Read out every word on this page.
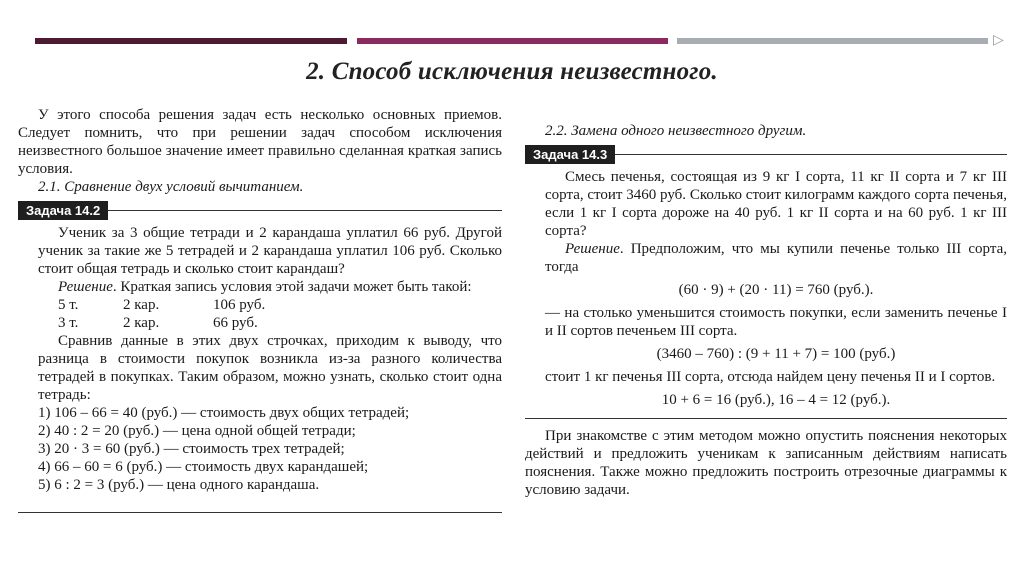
▷
2. Способ исключения неизвестного.

У этого способа решения задач есть несколько основных приемов. Следует помнить, что при решении задач способом исключения неизвестного большое значение имеет правильно сделанная краткая запись условия.

2.1. Сравнение двух условий вычитанием.

Задача 14.2

Ученик за 3 общие тетради и 2 карандаша уплатил 66 руб. Другой ученик за такие же 5 тетрадей и 2 карандаша уплатил 106 руб. Сколько стоит общая тетрадь и сколько стоит карандаш?

Решение. Краткая запись условия этой задачи может быть такой:

5 т.	2 кар.	106 руб.
3 т.	2 кар.	66 руб.

Сравнив данные в этих двух строчках, приходим к выводу, что разница в стоимости покупок возникла из-за разного количества тетрадей в покупках. Таким образом, можно узнать, сколько стоит одна тетрадь:

1) 106 – 66 = 40 (руб.) — стоимость двух общих тетрадей;

2) 40 : 2 = 20 (руб.) — цена одной общей тетради;

3) 20 · 3 = 60 (руб.) — стоимость трех тетрадей;

4) 66 – 60 = 6 (руб.) — стоимость двух карандашей;

5) 6 : 2 = 3 (руб.) — цена одного карандаша.

2.2. Замена одного неизвестного другим.

Задача 14.3

Смесь печенья, состоящая из 9 кг I сорта, 11 кг II сорта и 7 кг III сорта, стоит 3460 руб. Сколько стоит килограмм каждого сорта печенья, если 1 кг I сорта дороже на 40 руб. 1 кг II сорта и на 60 руб. 1 кг III сорта?

Решение. Предположим, что мы купили печенье только III сорта, тогда

(60 · 9) + (20 · 11) = 760 (руб.).

— на столько уменьшится стоимость покупки, если заменить печенье I и II сортов печеньем III сорта.

(3460 – 760) : (9 + 11 + 7) = 100 (руб.)

стоит 1 кг печенья III сорта, отсюда найдем цену печенья II и I сортов.

10 + 6 = 16 (руб.), 16 – 4 = 12 (руб.).

При знакомстве с этим методом можно опустить пояснения некоторых действий и предложить ученикам к записанным действиям написать пояснения. Также можно предложить построить отрезочные диаграммы к условию задачи.
